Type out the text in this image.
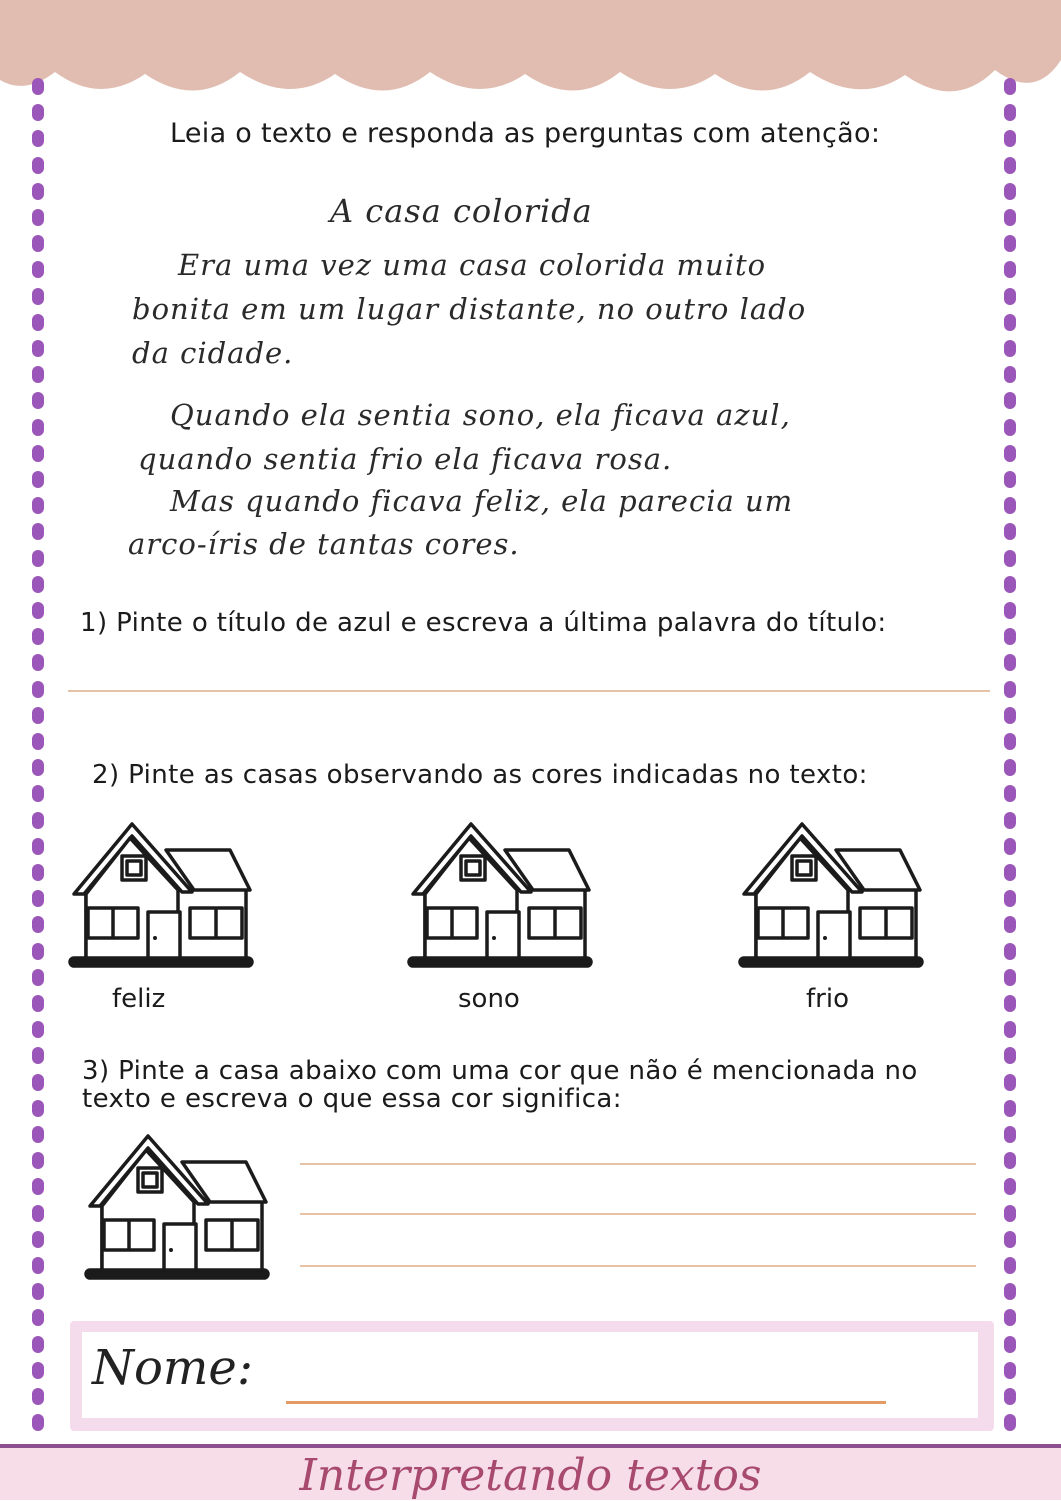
Leia o texto e responda as perguntas com atenção:
A casa colorida
Era uma vez uma casa colorida muito
bonita em um lugar distante, no outro lado
da cidade.
Quando ela sentia sono, ela ficava azul,
quando sentia frio ela ficava rosa.
Mas quando ficava feliz, ela parecia um
arco-íris de tantas cores.
1) Pinte o título de azul e escreva a última palavra do título:
2) Pinte as casas observando as cores indicadas no texto:
feliz	sono	frio
3) Pinte a casa abaixo com uma cor que não é mencionada no
texto e escreva o que essa cor significa:
Nome:
Interpretando textos
